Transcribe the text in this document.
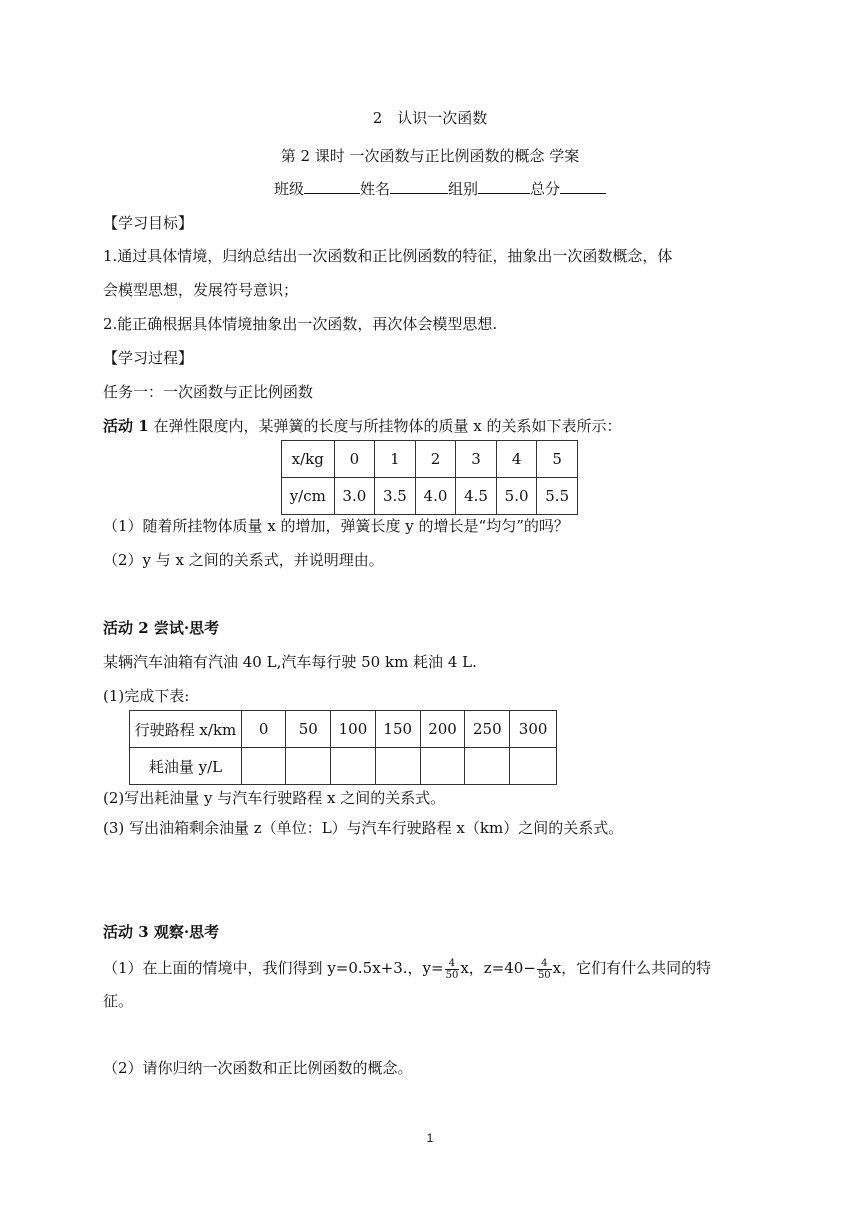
2　认识一次函数
第 2 课时 一次函数与正比例函数的概念 学案
班级	姓名	组别	总分
【学习目标】
1.通过具体情境，归纳总结出一次函数和正比例函数的特征，抽象出一次函数概念，体
会模型思想，发展符号意识；
2.能正确根据具体情境抽象出一次函数，再次体会模型思想.
【学习过程】
任务一：一次函数与正比例函数
活动 1 在弹性限度内，某弹簧的长度与所挂物体的质量 x 的关系如下表所示：
x/kg	0	1	2	3	4	5
y/cm	3.0	3.5	4.0	4.5	5.0	5.5
（1）随着所挂物体质量 x 的增加，弹簧长度 y 的增长是“均匀”的吗？
（2）y 与 x 之间的关系式，并说明理由。
活动 2 尝试·思考
某辆汽车油箱有汽油 40 L,汽车每行驶 50 km 耗油 4 L.
(1)完成下表:
行驶路程 x/km	0	50	100	150	200	250	300
耗油量 y/L							
(2)写出耗油量 y 与汽车行驶路程 x 之间的关系式。
(3) 写出油箱剩余油量 z（单位：L）与汽车行驶路程 x（km）之间的关系式。
活动 3 观察·思考
（1）在上面的情境中，我们得到 y=0.5x+3.，$y= \frac{4}{50}$ x，$z=40- \frac{4}{50}$ x，它们有什么共同的特
征。
（2）请你归纳一次函数和正比例函数的概念。
1
